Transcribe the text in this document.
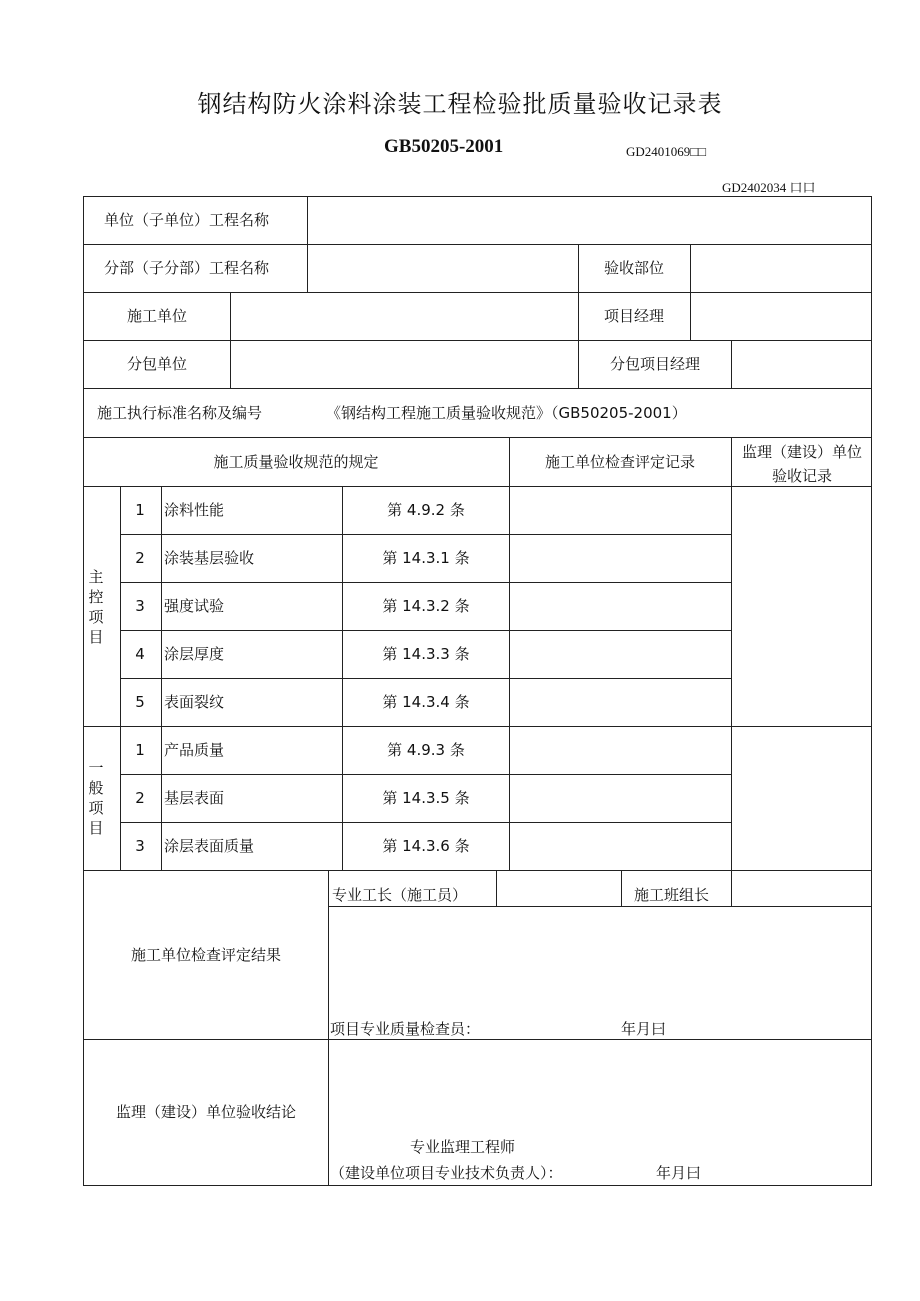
钢结构防火涂料涂装工程检验批质量验收记录表
GB50205-2001	GD2401069□□
GD2402034 口口
单位（子单位）工程名称
分部（子分部）工程名称	验收部位
施工单位	项目经理
分包单位	分包项目经理
施工执行标准名称及编号	《钢结构工程施工质量验收规范》（GB50205-2001）
施工质量验收规范的规定	施工单位检查评定记录
监理（建设）单位
验收记录
主控项目
1 涂料性能	第 4.9.2 条
2 涂装基层验收	第 14.3.1 条
3 强度试验	第 14.3.2 条
4 涂层厚度	第 14.3.3 条
5 表面裂纹	第 14.3.4 条
一般项目
1 产品质量	第 4.9.3 条
2 基层表面	第 14.3.5 条
3 涂层表面质量	第 14.3.6 条
施工单位检查评定结果
专业工长（施工员）	施工班组长
项目专业质量检查员：	年月曰
监理（建设）单位验收结论
专业监理工程师
（建设单位项目专业技术负责人）：	年月曰
